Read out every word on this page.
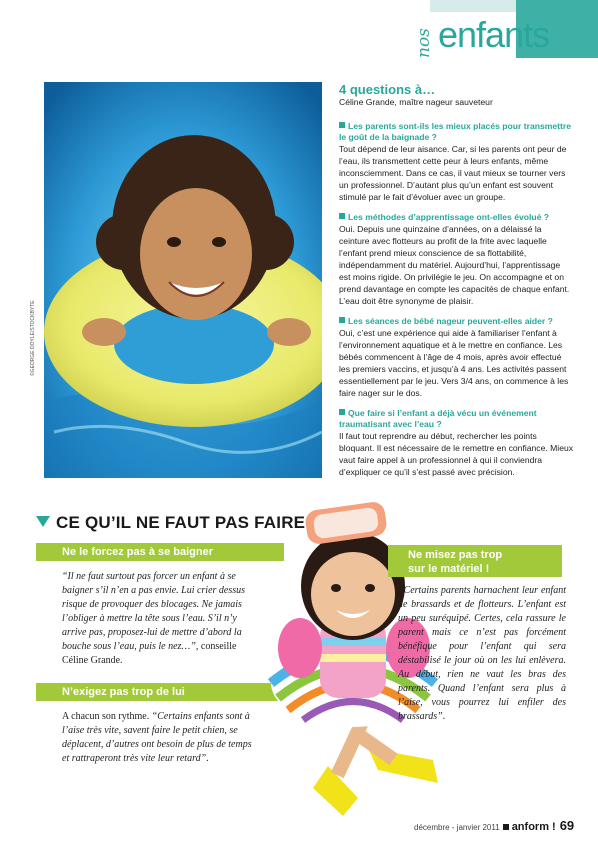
nos enfants
©GEORGE DOYLE/STOCKBYTE
4 questions à…
Céline Grande, maître nageur sauveteur
Les parents sont-ils les mieux placés pour transmettre le goût de la baignade ?

Tout dépend de leur aisance. Car, si les parents ont peur de l’eau, ils transmettent cette peur à leurs enfants, même inconsciemment. Dans ce cas, il vaut mieux se tourner vers un professionnel. D’autant plus qu’un enfant est souvent stimulé par le fait d’évoluer avec un groupe.

Les méthodes d’apprentissage ont-elles évolué ?

Oui. Depuis une quinzaine d’années, on a délaissé la ceinture avec flotteurs au profit de la frite avec laquelle l’enfant prend mieux conscience de sa flottabilité, indépendamment du matériel. Aujourd’hui, l’apprentissage est moins rigide. On privilégie le jeu. On accompagne et on prend davantage en compte les capacités de chaque enfant. L’eau doit être synonyme de plaisir.

Les séances de bébé nageur peuvent-elles aider ?

Oui, c’est une expérience qui aide à familiariser l’enfant à l’environnement aquatique et à le mettre en confiance. Les bébés commencent à l’âge de 4 mois, après avoir effectué les premiers vaccins, et jusqu’à 4 ans. Les activités passent essentiellement par le jeu. Vers 3/4 ans, on commence à les faire nager sur le dos.

Que faire si l’enfant a déjà vécu un événement traumatisant avec l’eau ?

Il faut tout reprendre au début, rechercher les points bloquant. Il est nécessaire de le remettre en confiance. Mieux vaut faire appel à un professionnel à qui il conviendra d’expliquer ce qu’il s’est passé avec précision.

CE QU’IL NE FAUT PAS FAIRE
Ne le forcez pas à se baigner
“Il ne faut surtout pas forcer un enfant à se baigner s’il n’en a pas envie. Lui crier dessus risque de provoquer des blocages. Ne jamais l’obliger à mettre la tête sous l’eau. S’il n’y arrive pas, proposez-lui de mettre d’abord la bouche sous l’eau, puis le nez…”, conseille Céline Grande.
N’exigez pas trop de lui
A chacun son rythme. “Certains enfants sont à l’aise très vite, savent faire le petit chien, se déplacent, d’autres ont besoin de plus de temps et rattraperont très vite leur retard”.
Ne misez pas trop
sur le matériel !
“Certains parents harnachent leur enfant de brassards et de flotteurs. L’enfant est un peu suréquipé. Certes, cela rassure le parent mais ce n’est pas forcément bénéfique pour l’enfant qui sera déstabilisé le jour où on les lui enlèvera. Au début, rien ne vaut les bras des parents. Quand l’enfant sera plus à l’aise, vous pourrez lui enfiler des brassards”.
décembre - janvier 2011 anform ! 69
